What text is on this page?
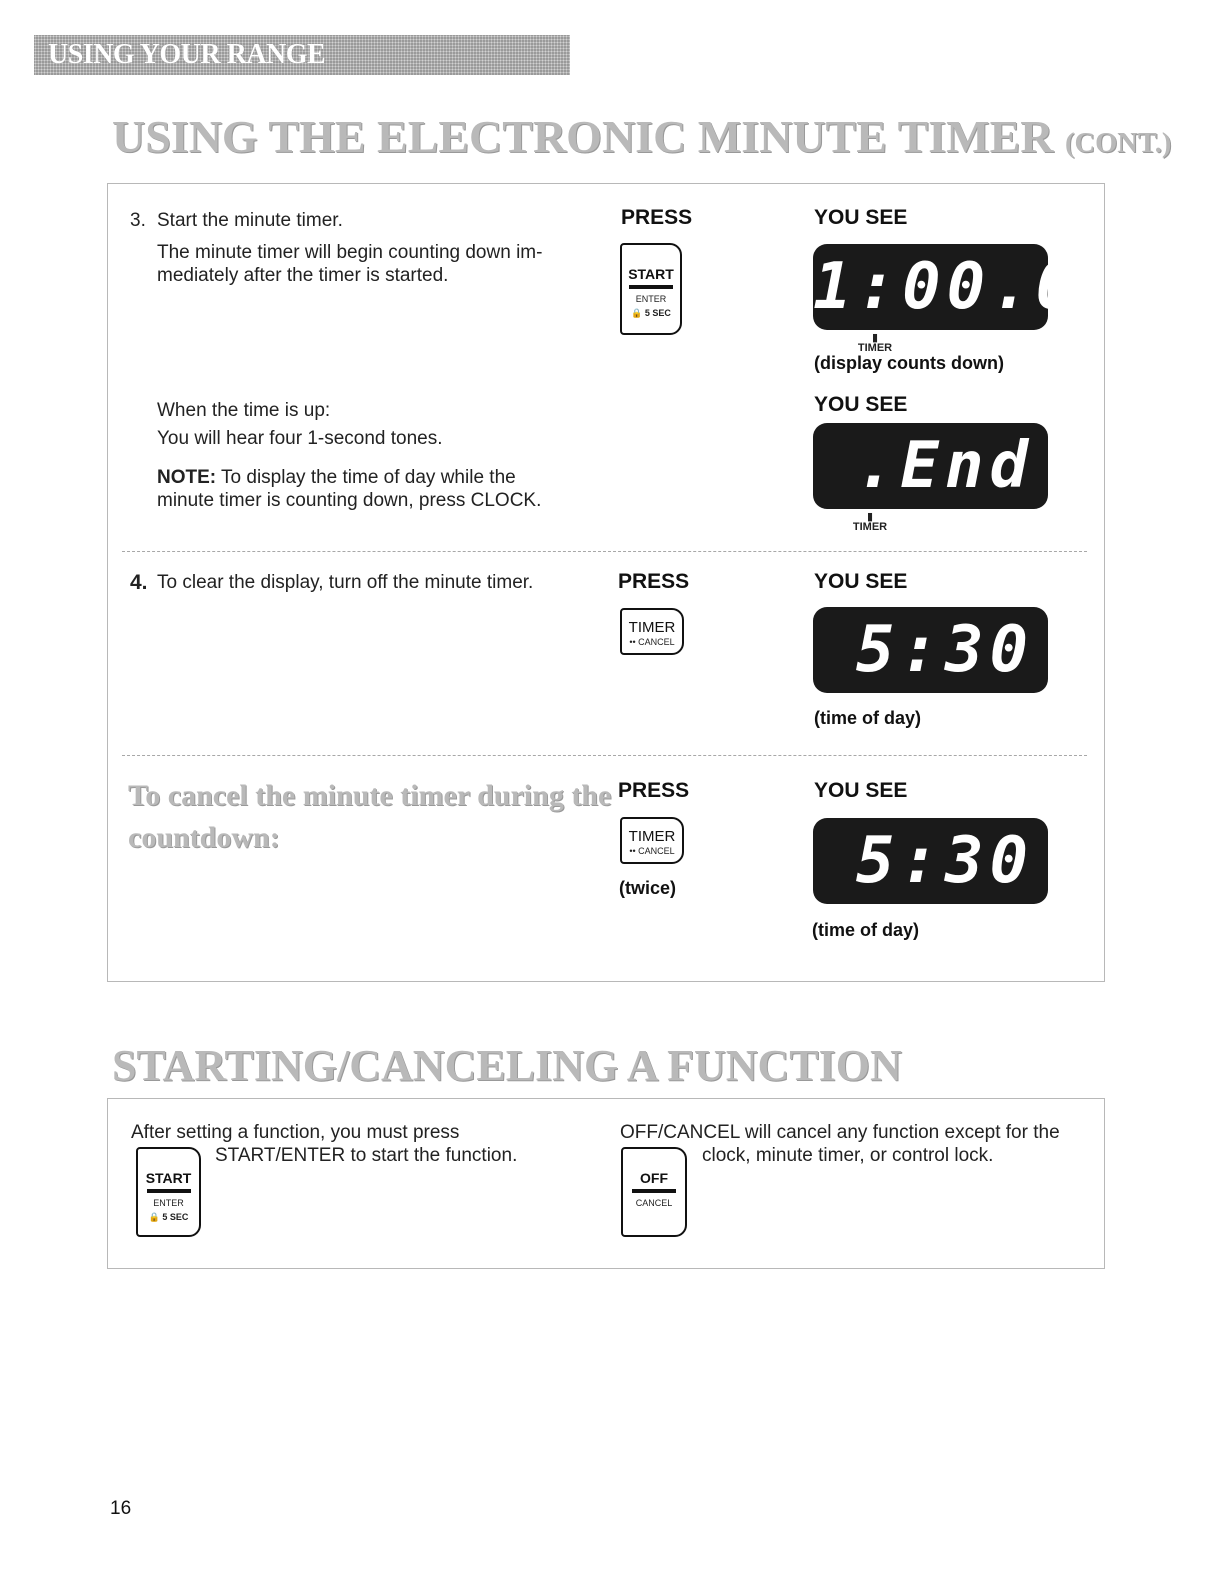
USING YOUR RANGE
USING THE ELECTRONIC MINUTE TIMER (CONT.)
3. Start the minute timer.
The minute timer will begin counting down im-
mediately after the timer is started.
PRESS	YOU SEE
START
ENTER
🔒 5 SEC 1:00.0
▮
TIMER
(display counts down)
When the time is up:
You will hear four 1-second tones.
NOTE: To display the time of day while the
minute timer is counting down, press CLOCK.
YOU SEE
.End
▮
TIMER
4. To clear the display, turn off the minute timer.	PRESS	YOU SEE
TIMER
•• CANCEL	5:30
(time of day)
To cancel the minute timer during the
countdown:
PRESS	YOU SEE
TIMER
•• CANCEL
(twice)	5:30
(time of day)
STARTING/CANCELING A FUNCTION
After setting a function, you must press
START/ENTER to start the function.
START
ENTER
🔒 5 SEC
OFF/CANCEL will cancel any function except for the
clock, minute timer, or control lock.
OFF
CANCEL
16
